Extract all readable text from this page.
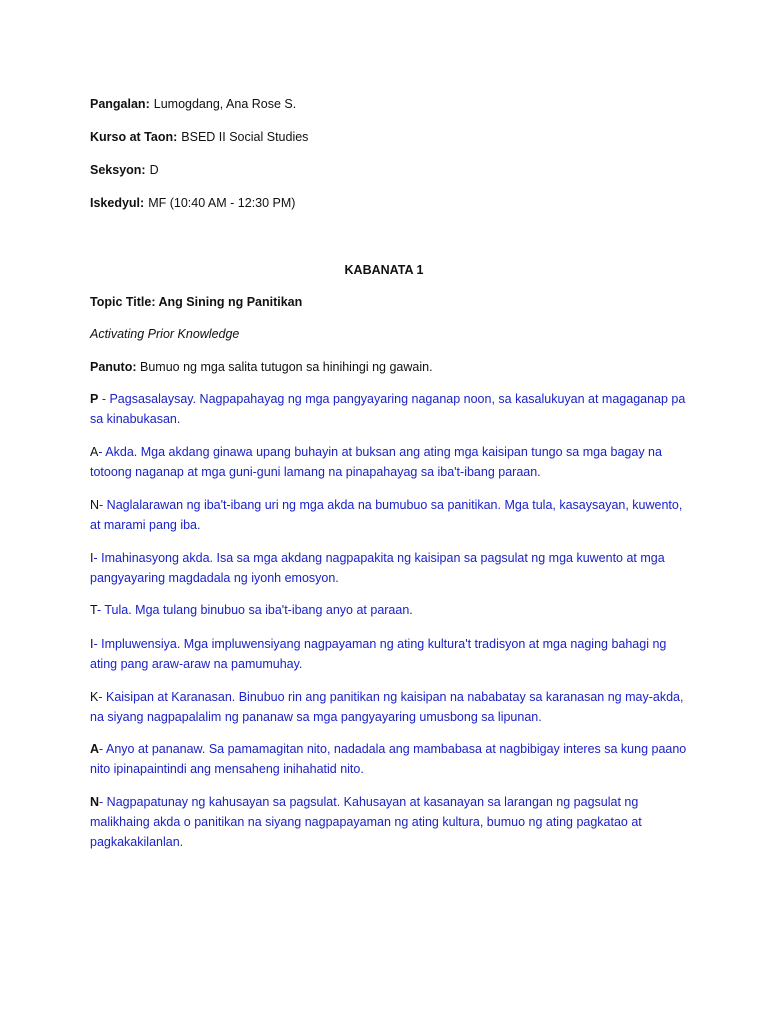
Pangalan: Lumogdang, Ana Rose S.
Kurso at Taon: BSED II Social Studies
Seksyon: D
Iskedyul: MF (10:40 AM - 12:30 PM)
KABANATA 1
Topic Title: Ang Sining ng Panitikan
Activating Prior Knowledge
Panuto: Bumuo ng mga salita tutugon sa hinihingi ng gawain.
P - Pagsasalaysay. Nagpapahayag ng mga pangyayaring naganap noon, sa kasalukuyan at magaganap pa sa kinabukasan.
A- Akda. Mga akdang ginawa upang buhayin at buksan ang ating mga kaisipan tungo sa mga bagay na totoong naganap at mga guni-guni lamang na pinapahayag sa iba't-ibang paraan.
N- Naglalarawan ng iba't-ibang uri ng mga akda na bumubuo sa panitikan. Mga tula, kasaysayan, kuwento, at marami pang iba.
I- Imahinasyong akda. Isa sa mga akdang nagpapakita ng kaisipan sa pagsulat ng mga kuwento at mga pangyayaring magdadala ng iyonh emosyon.
T- Tula. Mga tulang binubuo sa iba't-ibang anyo at paraan.
I- Impluwensiya. Mga impluwensiyang nagpayaman ng ating kultura't tradisyon at mga naging bahagi ng ating pang araw-araw na pamumuhay.
K- Kaisipan at Karanasan. Binubuo rin ang panitikan ng kaisipan na nababatay sa karanasan ng may-akda, na siyang nagpapalalim ng pananaw sa mga pangyayaring umusbong sa lipunan.
A- Anyo at pananaw. Sa pamamagitan nito, nadadala ang mambabasa at nagbibigay interes sa kung paano nito ipinapaintindi ang mensaheng inihahatid nito.
N- Nagpapatunay ng kahusayan sa pagsulat. Kahusayan at kasanayan sa larangan ng pagsulat ng malikhaing akda o panitikan na siyang nagpapayaman ng ating kultura, bumuo ng ating pagkatao at pagkakakilanlan.
